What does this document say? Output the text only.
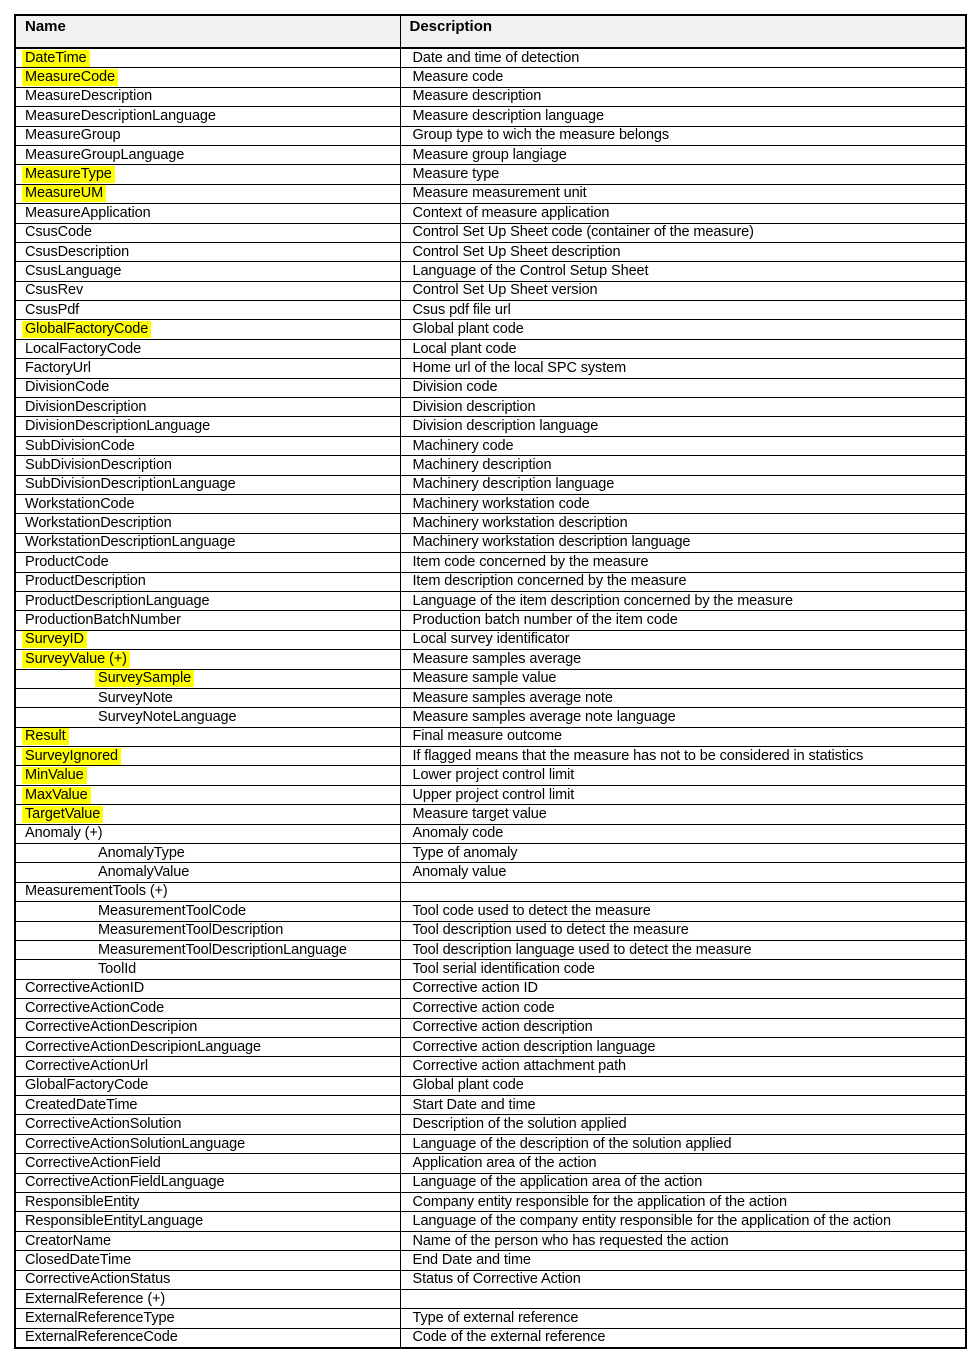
Name	Description
DateTime	Date and time of detection
MeasureCode	Measure code
MeasureDescription	Measure description
MeasureDescriptionLanguage	Measure description language
MeasureGroup	Group type to wich the measure belongs
MeasureGroupLanguage	Measure group langiage
MeasureType	Measure type
MeasureUM	Measure measurement unit
MeasureApplication	Context of measure application
CsusCode	Control Set Up Sheet code (container of the measure)
CsusDescription	Control Set Up Sheet description
CsusLanguage	Language of the Control Setup Sheet
CsusRev	Control Set Up Sheet version
CsusPdf	Csus pdf file url
GlobalFactoryCode	Global plant code
LocalFactoryCode	Local plant code
FactoryUrl	Home url of the local SPC system
DivisionCode	Division code
DivisionDescription	Division description
DivisionDescriptionLanguage	Division description language
SubDivisionCode	Machinery code
SubDivisionDescription	Machinery description
SubDivisionDescriptionLanguage	Machinery description language
WorkstationCode	Machinery workstation code
WorkstationDescription	Machinery workstation description
WorkstationDescriptionLanguage	Machinery workstation description language
ProductCode	Item code concerned by the measure
ProductDescription	Item description concerned by the measure
ProductDescriptionLanguage	Language of the item description concerned by the measure
ProductionBatchNumber	Production batch number of the item code
SurveyID	Local survey identificator
SurveyValue (+)	Measure samples average
SurveySample	Measure sample value
SurveyNote	Measure samples average note
SurveyNoteLanguage	Measure samples average note language
Result	Final measure outcome
SurveyIgnored	If flagged means that the measure has not to be considered in statistics
MinValue	Lower project control limit
MaxValue	Upper project control limit
TargetValue	Measure target value
Anomaly (+)	Anomaly code
AnomalyType	Type of anomaly
AnomalyValue	Anomaly value
MeasurementTools (+)	
MeasurementToolCode	Tool code used to detect the measure
MeasurementToolDescription	Tool description used to detect the measure
MeasurementToolDescriptionLanguage	Tool description language used to detect the measure
ToolId	Tool serial identification code
CorrectiveActionID	Corrective action ID
CorrectiveActionCode	Corrective action code
CorrectiveActionDescripion	Corrective action description
CorrectiveActionDescripionLanguage	Corrective action description language
CorrectiveActionUrl	Corrective action attachment path
GlobalFactoryCode	Global plant code
CreatedDateTime	Start Date and time
CorrectiveActionSolution	Description of the solution applied
CorrectiveActionSolutionLanguage	Language of the description of the solution applied
CorrectiveActionField	Application area of the action
CorrectiveActionFieldLanguage	Language of the application area of the action
ResponsibleEntity	Company entity responsible for the application of the action
ResponsibleEntityLanguage	Language of the company entity responsible for the application of the action
CreatorName	Name of the person who has requested the action
ClosedDateTime	End Date and time
CorrectiveActionStatus	Status of Corrective Action
ExternalReference (+)	
ExternalReferenceType	Type of external reference
ExternalReferenceCode	Code of the external reference
